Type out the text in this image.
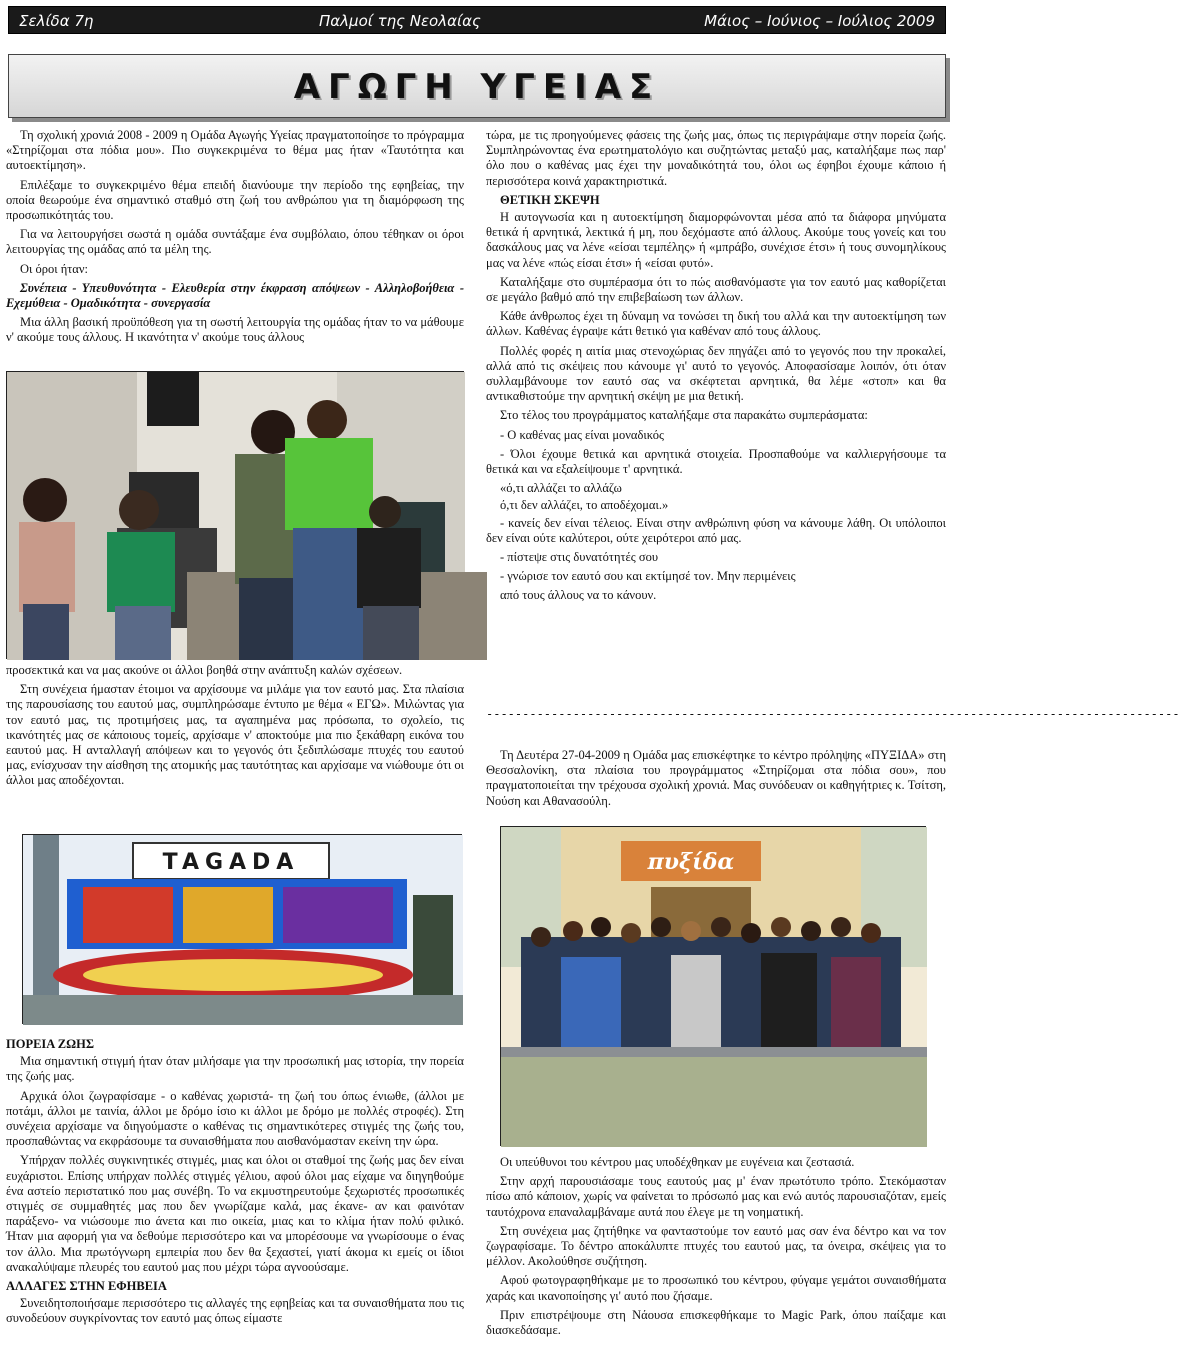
Σελίδα 7η	Παλμοί της Νεολαίας	Μάιος – Ιούνιος – Ιούλιος 2009
ΑΓΩΓΗ ΥΓΕΙΑΣ

Τη σχολική χρονιά 2008 - 2009 η Ομάδα Αγωγής Υγείας πραγματοποίησε το πρόγραμμα «Στηρίζομαι στα πόδια μου». Πιο συγκεκριμένα το θέμα μας ήταν «Ταυτότητα και αυτοεκτίμηση».

Επιλέξαμε το συγκεκριμένο θέμα επειδή διανύουμε την περίοδο της εφηβείας, την οποία θεωρούμε ένα σημαντικό σταθμό στη ζωή του ανθρώπου για τη διαμόρφωση της προσωπικότητάς του.

Για να λειτουργήσει σωστά η ομάδα συντάξαμε ένα συμβόλαιο, όπου τέθηκαν οι όροι λειτουργίας της ομάδας από τα μέλη της.

Οι όροι ήταν:

Συνέπεια - Υπευθυνότητα - Ελευθερία στην έκφραση απόψεων - Αλληλοβοήθεια - Εχεμύθεια - Ομαδικότητα - συνεργασία

Μια άλλη βασική προϋπόθεση για τη σωστή λειτουργία της ομάδας ήταν το να μάθουμε ν' ακούμε τους άλλους. Η ικανότητα ν' ακούμε τους άλλους

προσεκτικά και να μας ακούνε οι άλλοι βοηθά στην ανάπτυξη καλών σχέσεων.

Στη συνέχεια ήμασταν έτοιμοι να αρχίσουμε να μιλάμε για τον εαυτό μας. Στα πλαίσια της παρουσίασης του εαυτού μας, συμπληρώσαμε έντυπο με θέμα « ΕΓΩ». Μιλώντας για τον εαυτό μας, τις προτιμήσεις μας, τα αγαπημένα μας πρόσωπα, το σχολείο, τις ικανότητές μας σε κάποιους τομείς, αρχίσαμε ν' αποκτούμε μια πιο ξεκάθαρη εικόνα του εαυτού μας. Η ανταλλαγή απόψεων και το γεγονός ότι ξεδιπλώσαμε πτυχές του εαυτού μας, ενίσχυσαν την αίσθηση της ατομικής μας ταυτότητας και αρχίσαμε να νιώθουμε ότι οι άλλοι μας αποδέχονται.

TAGADA

ΠΟΡΕΙΑ ΖΩΗΣ

Μια σημαντική στιγμή ήταν όταν μιλήσαμε για την προσωπική μας ιστορία, την πορεία της ζωής μας.

Αρχικά όλοι ζωγραφίσαμε - ο καθένας χωριστά- τη ζωή του όπως ένιωθε, (άλλοι με ποτάμι, άλλοι με ταινία, άλλοι με δρόμο ίσιο κι άλλοι με δρόμο με πολλές στροφές). Στη συνέχεια αρχίσαμε να διηγούμαστε ο καθένας τις σημαντικότερες στιγμές της ζωής του, προσπαθώντας να εκφράσουμε τα συναισθήματα που αισθανόμασταν εκείνη την ώρα.

Υπήρχαν πολλές συγκινητικές στιγμές, μιας και όλοι οι σταθμοί της ζωής μας δεν είναι ευχάριστοι. Επίσης υπήρχαν πολλές στιγμές γέλιου, αφού όλοι μας είχαμε να διηγηθούμε ένα αστείο περιστατικό που μας συνέβη. Το να εκμυστηρευτούμε ξεχωριστές προσωπικές στιγμές σε συμμαθητές μας που δεν γνωρίζαμε καλά, μας έκανε- αν και φαινόταν παράξενο- να νιώσουμε πιο άνετα και πιο οικεία, μιας και το κλίμα ήταν πολύ φιλικό. Ήταν μια αφορμή για να δεθούμε περισσότερο και να μπορέσουμε να γνωρίσουμε ο ένας τον άλλο. Μια πρωτόγνωρη εμπειρία που δεν θα ξεχαστεί, γιατί άκομα κι εμείς οι ίδιοι ανακαλύψαμε πλευρές του εαυτού μας που μέχρι τώρα αγνοούσαμε.

ΑΛΛΑΓΕΣ ΣΤΗΝ ΕΦΗΒΕΙΑ

Συνειδητοποιήσαμε περισσότερο τις αλλαγές της εφηβείας και τα συναισθήματα που τις συνοδεύουν συγκρίνοντας τον εαυτό μας όπως είμαστε

τώρα, με τις προηγούμενες φάσεις της ζωής μας, όπως τις περιγράψαμε στην πορεία ζωής. Συμπληρώνοντας ένα ερωτηματολόγιο και συζητώντας μεταξύ μας, καταλήξαμε πως παρ' όλο που ο καθένας μας έχει την μοναδικότητά του, όλοι ως έφηβοι έχουμε κάποιο ή περισσότερα κοινά χαρακτηριστικά.

ΘΕΤΙΚΗ ΣΚΕΨΗ

Η αυτογνωσία και η αυτοεκτίμηση διαμορφώνονται μέσα από τα διάφορα μηνύματα θετικά ή αρνητικά, λεκτικά ή μη, που δεχόμαστε από άλλους. Ακούμε τους γονείς και του δασκάλους μας να λένε «είσαι τεμπέλης» ή «μπράβο, συνέχισε έτσι» ή τους συνομηλίκους μας να λένε «πώς είσαι έτσι» ή «είσαι φυτό».

Καταλήξαμε στο συμπέρασμα ότι το πώς αισθανόμαστε για τον εαυτό μας καθορίζεται σε μεγάλο βαθμό από την επιβεβαίωση των άλλων.

Κάθε άνθρωπος έχει τη δύναμη να τονώσει τη δική του αλλά και την αυτοεκτίμηση των άλλων. Καθένας έγραψε κάτι θετικό για καθέναν από τους άλλους.

Πολλές φορές η αιτία μιας στενοχώριας δεν πηγάζει από το γεγονός που την προκαλεί, αλλά από τις σκέψεις που κάνουμε γι' αυτό το γεγονός. Αποφασίσαμε λοιπόν, ότι όταν συλλαμβάνουμε τον εαυτό σας να σκέφτεται αρνητικά, θα λέμε «στοπ» και θα αντικαθιστούμε την αρνητική σκέψη με μια θετική.

Στο τέλος του προγράμματος καταλήξαμε στα παρακάτω συμπεράσματα:

- Ο καθένας μας είναι μοναδικός

- Όλοι έχουμε θετικά και αρνητικά στοιχεία. Προσπαθούμε να καλλιεργήσουμε τα θετικά και να εξαλείψουμε τ' αρνητικά.

«ό,τι αλλάζει το αλλάζω

ό,τι δεν αλλάζει, το αποδέχομαι.»

- κανείς δεν είναι τέλειος. Είναι στην ανθρώπινη φύση να κάνουμε λάθη. Οι υπόλοιποι δεν είναι ούτε καλύτεροι, ούτε χειρότεροι από μας.

- πίστεψε στις δυνατότητές σου

- γνώρισε τον εαυτό σου και εκτίμησέ τον. Μην περιμένεις

από τους άλλους να το κάνουν.

------------------------------------------------------------------------------------------------

Τη Δευτέρα 27-04-2009 η Ομάδα μας επισκέφτηκε το κέντρο πρόληψης «ΠΥΞΙΔΑ» στη Θεσσαλονίκη, στα πλαίσια του προγράμματος «Στηρίζομαι στα πόδια σου», που πραγματοποιείται την τρέχουσα σχολική χρονιά. Μας συνόδευαν οι καθηγήτριες κ. Τσίτση, Νούση και Αθανασούλη.

πυξίδα

Οι υπεύθυνοι του κέντρου μας υποδέχθηκαν με ευγένεια και ζεστασιά.

Στην αρχή παρουσιάσαμε τους εαυτούς μας μ' έναν πρωτότυπο τρόπο. Στεκόμασταν πίσω από κάποιον, χωρίς να φαίνεται το πρόσωπό μας και ενώ αυτός παρουσιαζόταν, εμείς ταυτόχρονα επαναλαμβάναμε αυτά που έλεγε με τη νοηματική.

Στη συνέχεια μας ζητήθηκε να φανταστούμε τον εαυτό μας σαν ένα δέντρο και να τον ζωγραφίσαμε. Το δέντρο αποκάλυπτε πτυχές του εαυτού μας, τα όνειρα, σκέψεις για το μέλλον. Ακολούθησε συζήτηση.

Αφού φωτογραφηθήκαμε με το προσωπικό του κέντρου, φύγαμε γεμάτοι συναισθήματα χαράς και ικανοποίησης γι' αυτό που ζήσαμε.

Πριν επιστρέψουμε στη Νάουσα επισκεφθήκαμε το Magic Park, όπου παίξαμε και διασκεδάσαμε.
